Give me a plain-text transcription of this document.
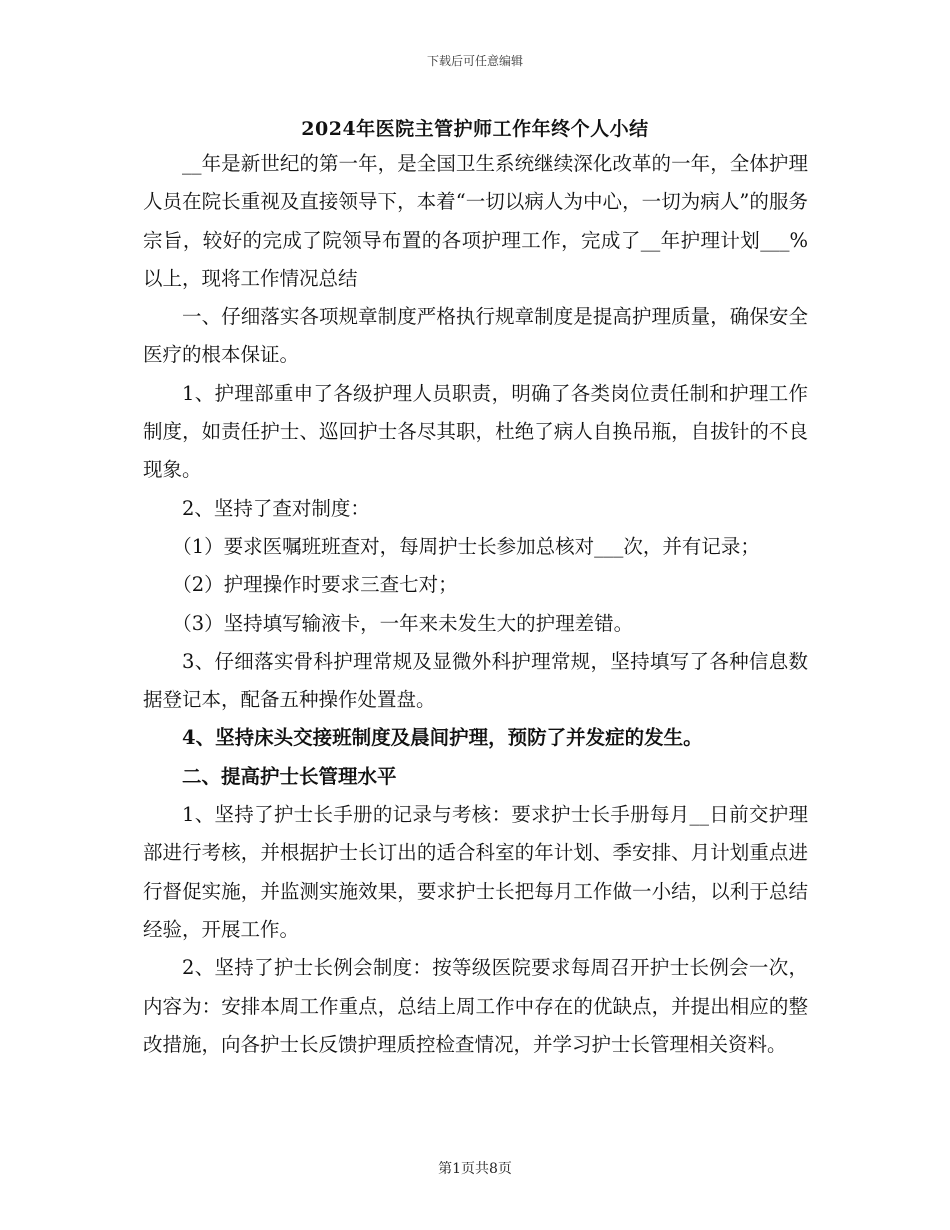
下载后可任意编辑
2024年医院主管护师工作年终个人小结

__年是新世纪的第一年，是全国卫生系统继续深化改革的一年，全体护理人员在院长重视及直接领导下，本着“一切以病人为中心，一切为病人”的服务宗旨，较好的完成了院领导布置的各项护理工作，完成了__年护理计划___%以上，现将工作情况总结

一、仔细落实各项规章制度严格执行规章制度是提高护理质量，确保安全医疗的根本保证。

1、护理部重申了各级护理人员职责，明确了各类岗位责任制和护理工作制度，如责任护士、巡回护士各尽其职，杜绝了病人自换吊瓶，自拔针的不良现象。

2、坚持了查对制度：

（1）要求医嘱班班查对，每周护士长参加总核对___次，并有记录；

（2）护理操作时要求三查七对；

（3）坚持填写输液卡，一年来未发生大的护理差错。

3、仔细落实骨科护理常规及显微外科护理常规，坚持填写了各种信息数据登记本，配备五种操作处置盘。

4、坚持床头交接班制度及晨间护理，预防了并发症的发生。

二、提高护士长管理水平

1、坚持了护士长手册的记录与考核：要求护士长手册每月__日前交护理部进行考核，并根据护士长订出的适合科室的年计划、季安排、月计划重点进行督促实施，并监测实施效果，要求护士长把每月工作做一小结，以利于总结经验，开展工作。

2、坚持了护士长例会制度：按等级医院要求每周召开护士长例会一次，内容为：安排本周工作重点，总结上周工作中存在的优缺点，并提出相应的整改措施，向各护士长反馈护理质控检查情况，并学习护士长管理相关资料。

第1页共8页
